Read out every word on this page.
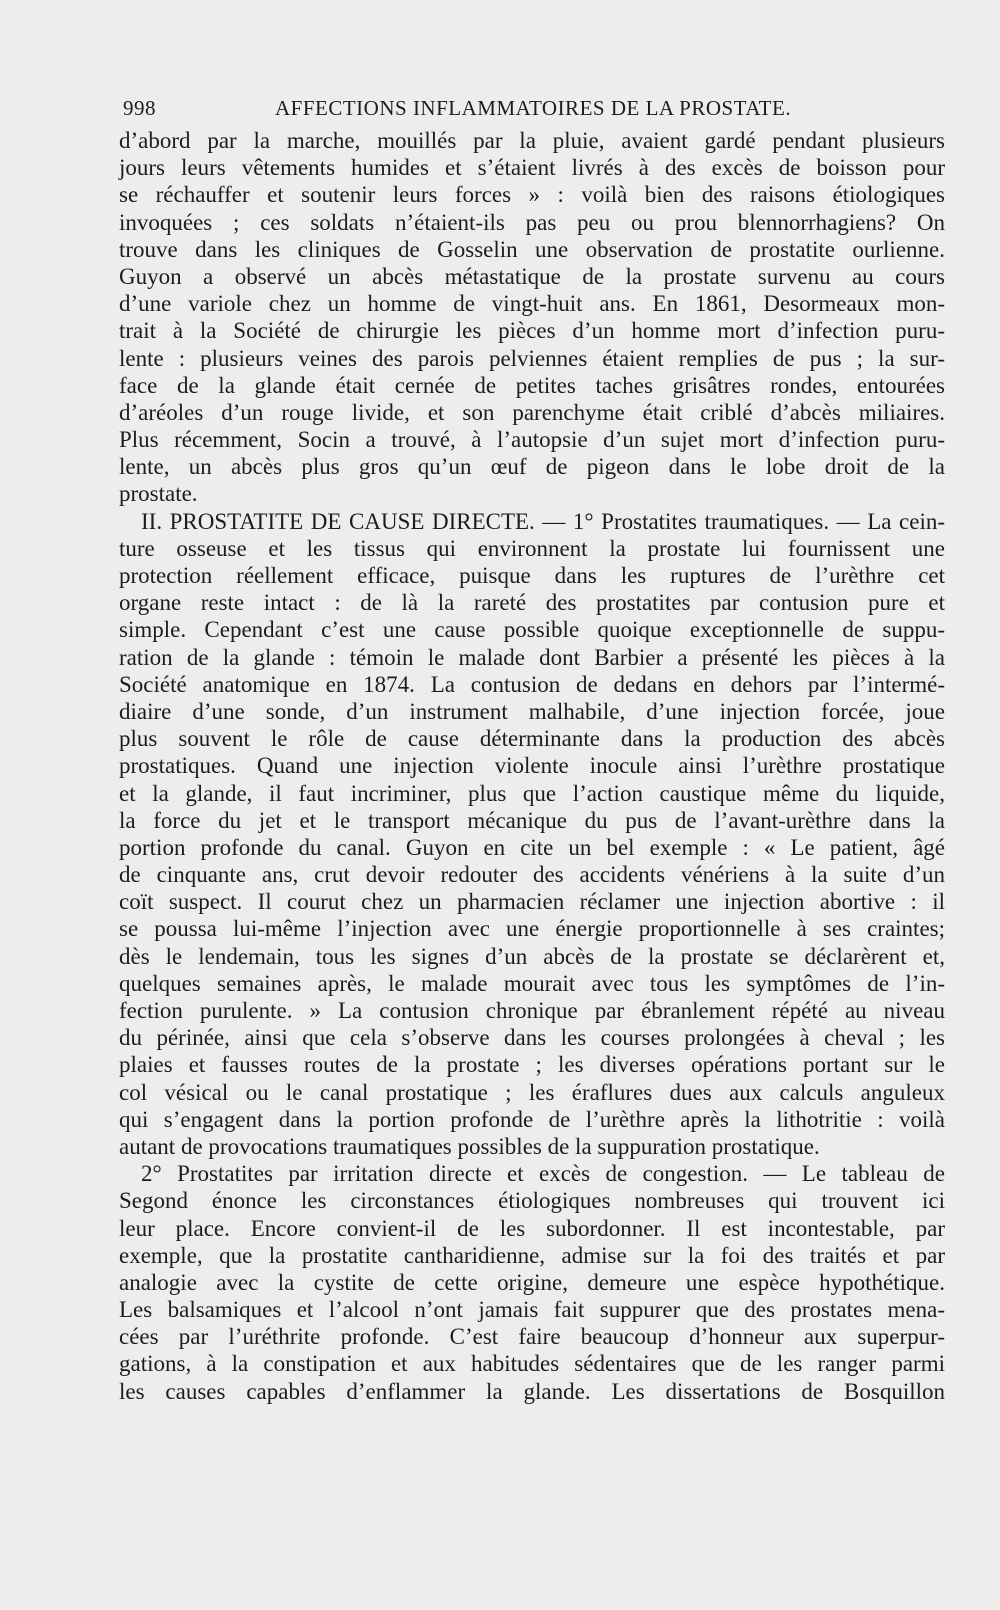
998	AFFECTIONS INFLAMMATOIRES DE LA PROSTATE.
d’abord par la marche, mouillés par la pluie, avaient gardé pendant plusieurs
jours leurs vêtements humides et s’étaient livrés à des excès de boisson pour
se réchauffer et soutenir leurs forces » : voilà bien des raisons étiologiques
invoquées ; ces soldats n’étaient-ils pas peu ou prou blennorrhagiens? On
trouve dans les cliniques de Gosselin une observation de prostatite ourlienne.
Guyon a observé un abcès métastatique de la prostate survenu au cours
d’une variole chez un homme de vingt-huit ans. En 1861, Desormeaux mon-
trait à la Société de chirurgie les pièces d’un homme mort d’infection puru-
lente : plusieurs veines des parois pelviennes étaient remplies de pus ; la sur-
face de la glande était cernée de petites taches grisâtres rondes, entourées
d’aréoles d’un rouge livide, et son parenchyme était criblé d’abcès miliaires.
Plus récemment, Socin a trouvé, à l’autopsie d’un sujet mort d’infection puru-
lente, un abcès plus gros qu’un œuf de pigeon dans le lobe droit de la
prostate.
II. PROSTATITE DE CAUSE DIRECTE. — 1° Prostatites traumatiques. — La cein-
ture osseuse et les tissus qui environnent la prostate lui fournissent une
protection réellement efficace, puisque dans les ruptures de l’urèthre cet
organe reste intact : de là la rareté des prostatites par contusion pure et
simple. Cependant c’est une cause possible quoique exceptionnelle de suppu-
ration de la glande : témoin le malade dont Barbier a présenté les pièces à la
Société anatomique en 1874. La contusion de dedans en dehors par l’intermé-
diaire d’une sonde, d’un instrument malhabile, d’une injection forcée, joue
plus souvent le rôle de cause déterminante dans la production des abcès
prostatiques. Quand une injection violente inocule ainsi l’urèthre prostatique
et la glande, il faut incriminer, plus que l’action caustique même du liquide,
la force du jet et le transport mécanique du pus de l’avant-urèthre dans la
portion profonde du canal. Guyon en cite un bel exemple : « Le patient, âgé
de cinquante ans, crut devoir redouter des accidents vénériens à la suite d’un
coït suspect. Il courut chez un pharmacien réclamer une injection abortive : il
se poussa lui-même l’injection avec une énergie proportionnelle à ses craintes;
dès le lendemain, tous les signes d’un abcès de la prostate se déclarèrent et,
quelques semaines après, le malade mourait avec tous les symptômes de l’in-
fection purulente. » La contusion chronique par ébranlement répété au niveau
du périnée, ainsi que cela s’observe dans les courses prolongées à cheval ; les
plaies et fausses routes de la prostate ; les diverses opérations portant sur le
col vésical ou le canal prostatique ; les éraflures dues aux calculs anguleux
qui s’engagent dans la portion profonde de l’urèthre après la lithotritie : voilà
autant de provocations traumatiques possibles de la suppuration prostatique.
2° Prostatites par irritation directe et excès de congestion. — Le tableau de
Segond énonce les circonstances étiologiques nombreuses qui trouvent ici
leur place. Encore convient-il de les subordonner. Il est incontestable, par
exemple, que la prostatite cantharidienne, admise sur la foi des traités et par
analogie avec la cystite de cette origine, demeure une espèce hypothétique.
Les balsamiques et l’alcool n’ont jamais fait suppurer que des prostates mena-
cées par l’uréthrite profonde. C’est faire beaucoup d’honneur aux superpur-
gations, à la constipation et aux habitudes sédentaires que de les ranger parmi
les causes capables d’enflammer la glande. Les dissertations de Bosquillon
